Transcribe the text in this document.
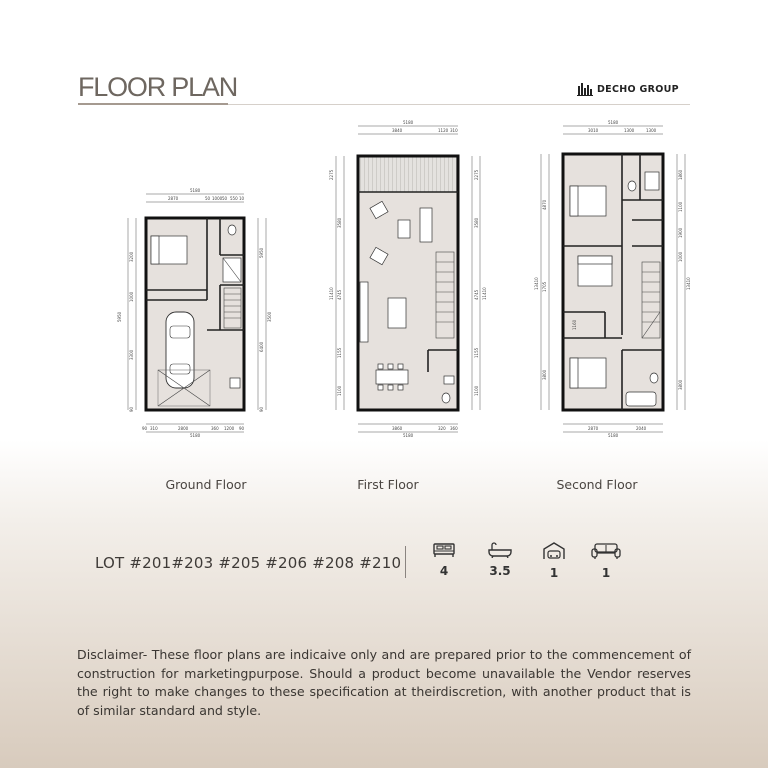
FLOOR PLAN	DECHO GROUP
5180
2870	50 1000 50 550 10
90 310	2800	360 1200 90
5180
5950
3200
1000
3300
90
5950
3500
6400
90
5180
3840	1120 310
3860	320 360
5180
2275
3580
11410 4745
1155
1100
2275
3580
11410
4745
1155
1100
5180
3010	1300	1300
2870	2040
5180
4870
13410 1705
3800
1160
1860
1100
1900
1000
13410
3800
Ground Floor	First Floor	Second Floor
LOT #201#203 #205 #206 #208 #210	4	3.5	1	1
Disclaimer- These floor plans are indicaive only and are prepared prior to the commencement of construction for marketingpurpose. Should a product become unavailable the Vendor reserves the right to make changes to these specification at theirdiscretion, with another product that is of similar standard and style.
